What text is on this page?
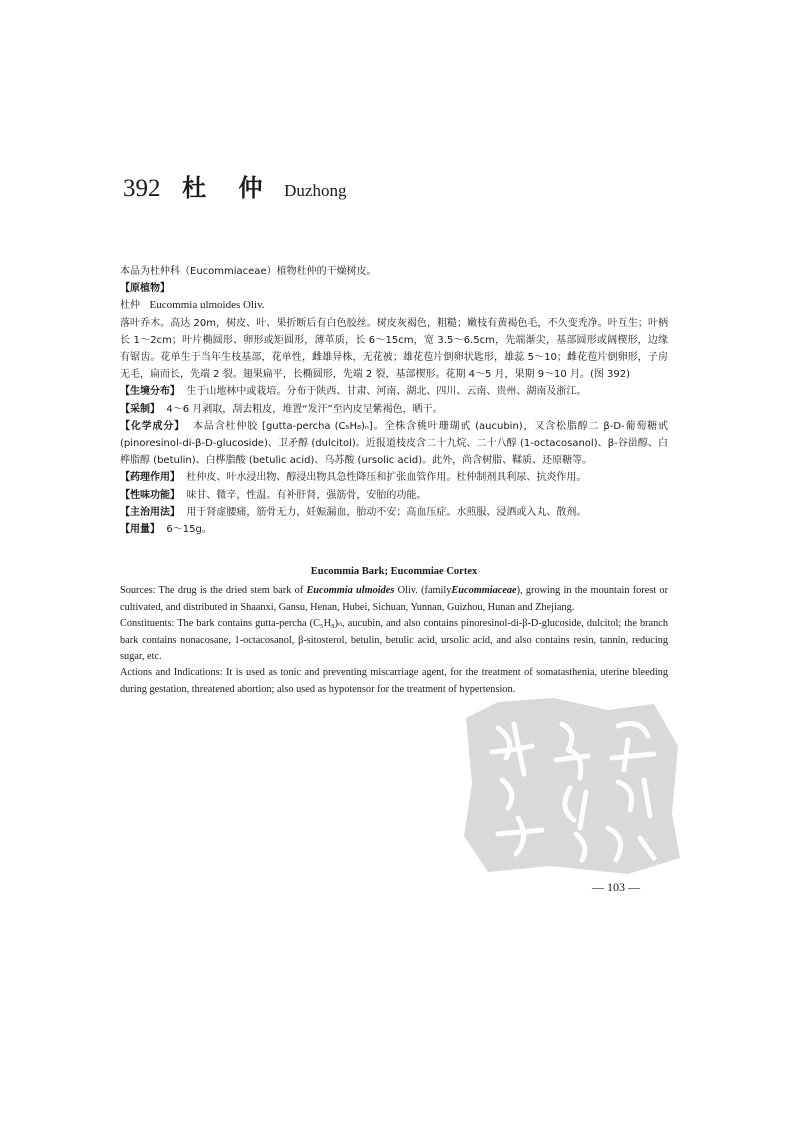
392 杜 仲 Duzhong

本品为杜仲科（Eucommiaceae）植物杜仲的干燥树皮。

【原植物】

杜仲 Eucommia ulmoides Oliv.

落叶乔木。高达 20m，树皮、叶、果折断后有白色胶丝。树皮灰褐色，粗糙；嫩枝有黄褐色毛，不久变秃净。叶互生；叶柄长 1～2cm；叶片椭圆形、卵形或矩圆形，薄革质，长 6～15cm，宽 3.5～6.5cm，先端渐尖，基部圆形或阔楔形，边缘有锯齿。花单生于当年生枝基部，花单性，雌雄异株，无花被；雄花苞片倒卵状匙形，雄蕊 5～10；雌花苞片倒卵形，子房无毛，扁而长，先端 2 裂。翅果扁平，长椭圆形，先端 2 裂，基部楔形。花期 4～5 月，果期 9～10 月。(图 392)

【生境分布】 生于山地林中或栽培。分布于陕西、甘肃、河南、湖北、四川、云南、贵州、湖南及浙江。

【采制】 4～6 月剥取，刮去粗皮，堆置“发汗”至内皮呈紫褐色，晒干。

【化学成分】 本品含杜仲胶 [gutta-percha (C₅H₈)ₙ]。全株含桃叶珊瑚甙 (aucubin)，又含松脂醇二 β-D-葡萄糖甙 (pinoresinol-di-β-D-glucoside)、卫矛醇 (dulcitol)。近报道枝皮含二十九烷、二十八醇 (1-octacosanol)、β-谷甾醇、白桦脂醇 (betulin)、白桦脂酸 (betulic acid)、乌苏酸 (ursolic acid)。此外，尚含树脂、鞣质、还原糖等。

【药理作用】 杜仲皮、叶水浸出物、醇浸出物具急性降压和扩张血管作用。杜仲制剂具利尿、抗炎作用。

【性味功能】 味甘、微辛，性温。有补肝肾，强筋骨，安胎的功能。

【主治用法】 用于肾虚腰痛，筋骨无力，妊娠漏血，胎动不安；高血压症。水煎服、浸酒或入丸、散剂。

【用量】 6～15g。

Eucommia Bark; Eucommiae Cortex

Sources: The drug is the dried stem bark of Eucommia ulmoides Oliv. (familyEucommiaceae), growing in the mountain forest or cultivated, and distributed in Shaanxi, Gansu, Henan, Hubei, Sichuan, Yunnan, Guizhou, Hunan and Zhejiang.

Constituents: The bark contains gutta-percha (C₅H₈)ₙ, aucubin, and also contains pinoresinol-di-β-D-glucoside, dulcitol; the branch bark contains nonacosane, 1-octacosanol, β-sitosterol, betulin, betulic acid, ursolic acid, and also contains resin, tannin, reducing sugar, etc.

Actions and Indications: It is used as tonic and preventing miscarriage agent, for the treatment of somatasthenia, uterine bleeding during gestation, threatened abortion; also used as hypotensor for the treatment of hypertension.

— 103 —
